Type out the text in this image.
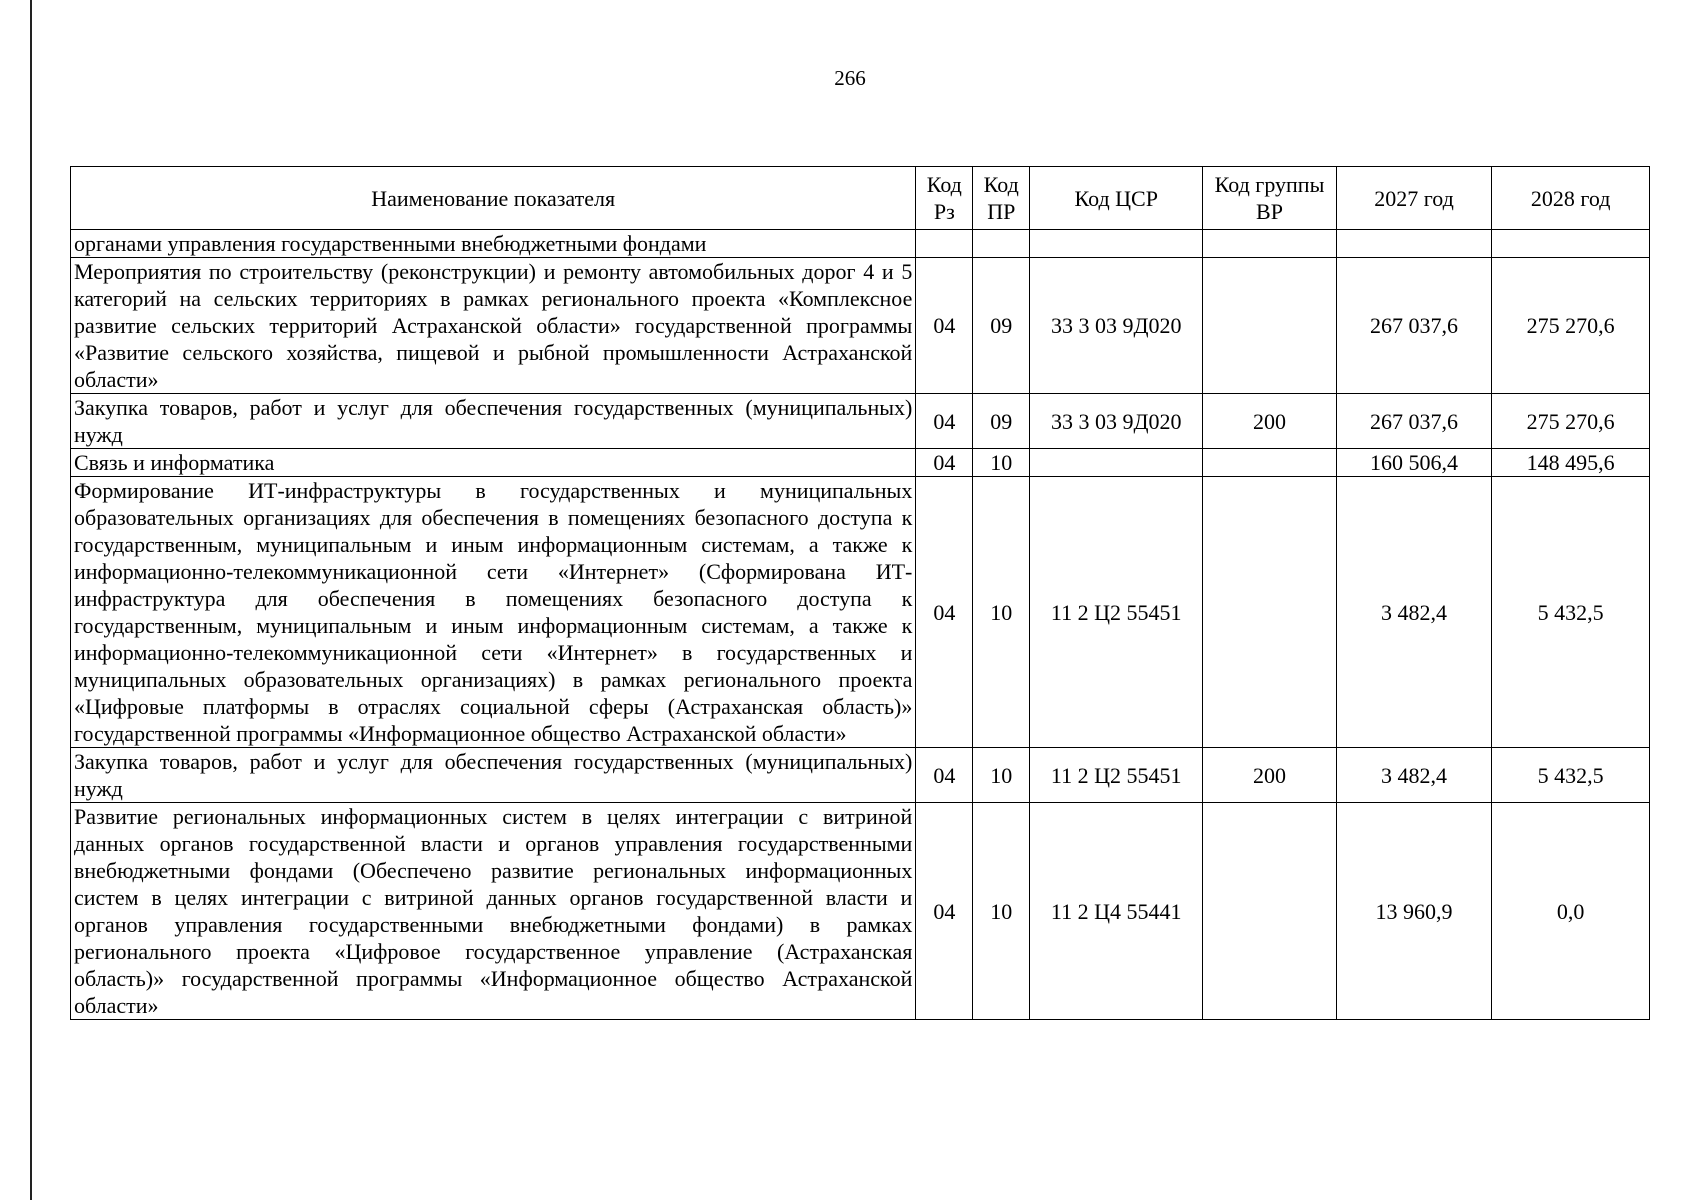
266
Наименование показателя	Код Рз	Код ПР	Код ЦСР	Код группы ВР	2027 год	2028 год
органами управления государственными внебюджетными фондами						
Мероприятия по строительству (реконструкции) и ремонту автомобильных дорог 4 и 5 категорий на сельских территориях в рамках регионального проекта «Комплексное развитие сельских территорий Астраханской области» государственной программы «Развитие сельского хозяйства, пищевой и рыбной промышленности Астраханской области»	04	09	33 3 03 9Д020		267 037,6	275 270,6
Закупка товаров, работ и услуг для обеспечения государственных (муниципальных) нужд	04	09	33 3 03 9Д020	200	267 037,6	275 270,6
Связь и информатика	04	10			160 506,4	148 495,6
Формирование ИТ-инфраструктуры в государственных и муниципальных образовательных организациях для обеспечения в помещениях безопасного доступа к государственным, муниципальным и иным информационным системам, а также к информационно-телекоммуникационной сети «Интернет» (Сформирована ИТ-инфраструктура для обеспечения в помещениях безопасного доступа к государственным, муниципальным и иным информационным системам, а также к информационно-телекоммуникационной сети «Интернет» в государственных и муниципальных образовательных организациях) в рамках регионального проекта «Цифровые платформы в отраслях социальной сферы (Астраханская область)» государственной программы «Информационное общество Астраханской области»	04	10	11 2 Ц2 55451		3 482,4	5 432,5
Закупка товаров, работ и услуг для обеспечения государственных (муниципальных) нужд	04	10	11 2 Ц2 55451	200	3 482,4	5 432,5
Развитие региональных информационных систем в целях интеграции с витриной данных органов государственной власти и органов управления государственными внебюджетными фондами (Обеспечено развитие региональных информационных систем в целях интеграции с витриной данных органов государственной власти и органов управления государственными внебюджетными фондами) в рамках регионального проекта «Цифровое государственное управление (Астраханская область)» государственной программы «Информационное общество Астраханской области»	04	10	11 2 Ц4 55441		13 960,9	0,0
